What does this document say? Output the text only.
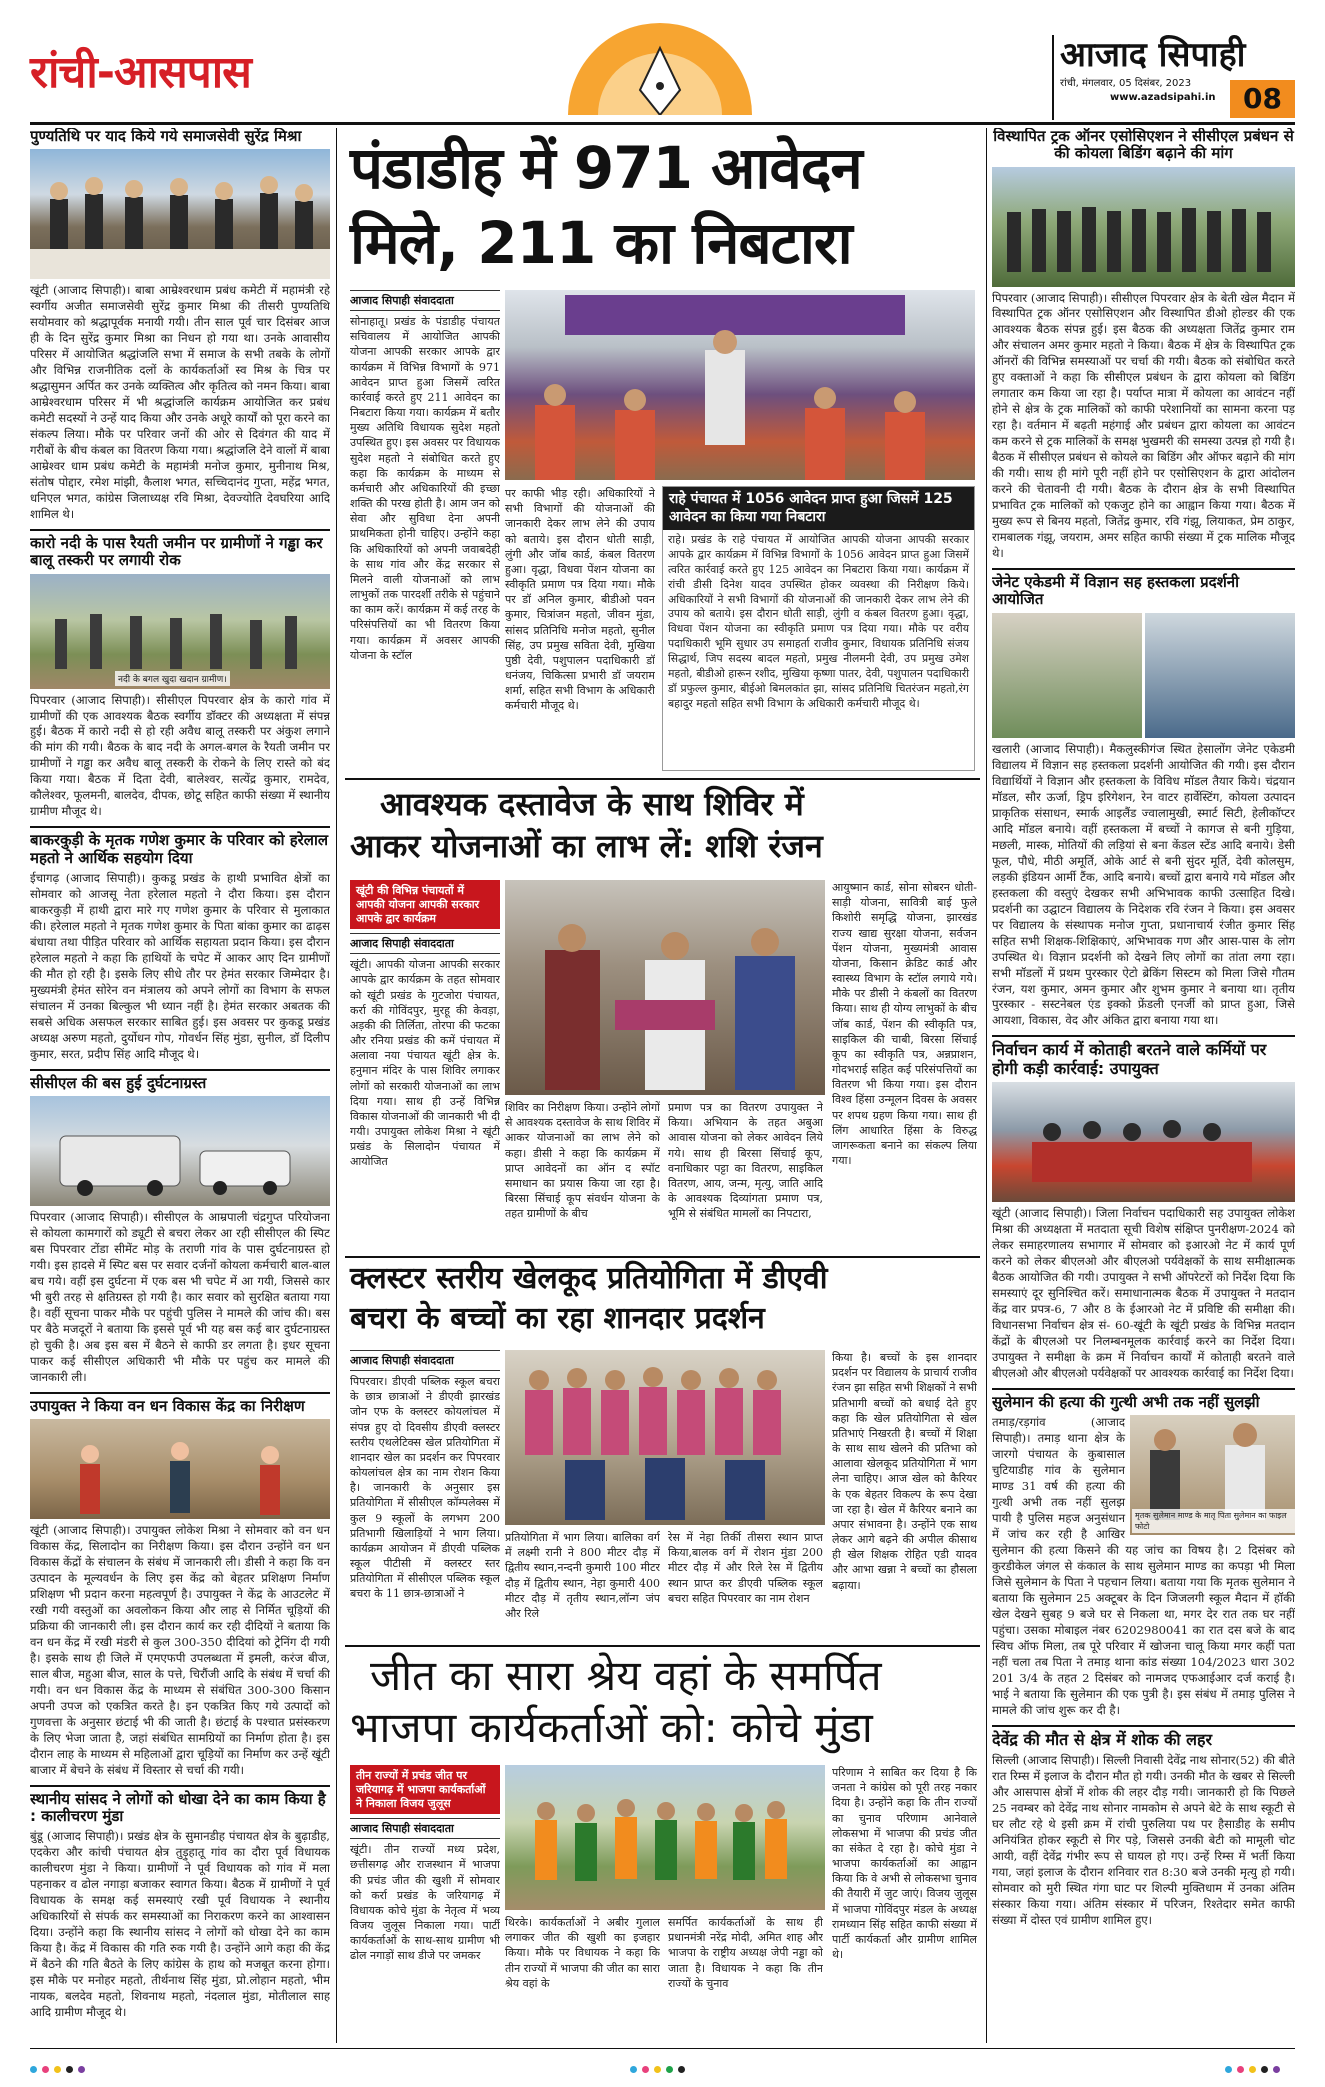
रांची-आसपास	आजाद सिपाही
रांची, मंगलवार, 05 दिसंबर, 2023
www.azadsipahi.in 08
पुण्यतिथि पर याद किये गये समाजसेवी सुरेंद्र मिश्रा
खूंटी (आजाद सिपाही)। बाबा आम्रेश्वरधाम प्रबंध कमेटी में महामंत्री रहे स्वर्गीय अजीत समाजसेवी सुरेंद्र कुमार मिश्रा की तीसरी पुण्यतिथि सयोमवार को श्रद्धापूर्वक मनायी गयी। तीन साल पूर्व चार दिसंबर आज ही के दिन सुरेंद्र कुमार मिश्रा का निधन हो गया था। उनके आवासीय परिसर में आयोजित श्रद्धांजलि सभा में समाज के सभी तबके के लोगों और विभिन्न राजनीतिक दलों के कार्यकर्ताओं स्व मिश्र के चित्र पर श्रद्धासुमन अर्पित कर उनके व्यक्तित्व और कृतित्व को नमन किया। बाबा आम्रेश्वरधाम परिसर में भी श्रद्धांजलि कार्यक्रम आयोजित कर प्रबंध कमेटी सदस्यों ने उन्हें याद किया और उनके अधूरे कार्यों को पूरा करने का संकल्प लिया। मौके पर परिवार जनों की ओर से दिवंगत की याद में गरीबों के बीच कंबल का वितरण किया गया। श्रद्धांजलि देने वालों में बाबा आम्रेश्वर धाम प्रबंध कमेटी के महामंत्री मनोज कुमार, मुनीनाथ मिश्र, संतोष पोद्दार, रमेश मांझी, कैलाश भगत, सच्चिदानंद गुप्ता, महेंद्र भगत, धनिएल भगत, कांग्रेस जिलाध्यक्ष रवि मिश्रा, देवज्योति देवघरिया आदि शामिल थे।
कारो नदी के पास रैयती जमीन पर ग्रामीणों ने गड्ढा कर बालू तस्करी पर लगायी रोक
नदी के बगल खुदा खदान ग्रामीण।
पिपरवार (आजाद सिपाही)। सीसीएल पिपरवार क्षेत्र के कारो गांव में ग्रामीणों की एक आवश्यक बैठक स्वर्गीय डॉक्टर की अध्यक्षता में संपन्न हुई। बैठक में कारो नदी से हो रही अवैध बालू तस्करी पर अंकुश लगाने की मांग की गयी। बैठक के बाद नदी के अगल-बगल के रैयती जमीन पर ग्रामीणों ने गड्ढा कर अवैध बालू तस्करी के रोकने के लिए रास्ते को बंद किया गया। बैठक में दिता देवी, बालेश्वर, सत्येंद्र कुमार, रामदेव, कौलेश्वर, फूलमनी, बालदेव, दीपक, छोटू सहित काफी संख्या में स्थानीय ग्रामीण मौजूद थे।
बाकरकुड़ी के मृतक गणेश कुमार के परिवार को हरेलाल महतो ने आर्थिक सहयोग दिया
ईचागढ़ (आजाद सिपाही)। कुकडू प्रखंड के हाथी प्रभावित क्षेत्रों का सोमवार को आजसू नेता हरेलाल महतो ने दौरा किया। इस दौरान बाकरकुड़ी में हाथी द्वारा मारे गए गणेश कुमार के परिवार से मुलाकात की। हरेलाल महतो ने मृतक गणेश कुमार के पिता बांका कुमार का ढाढ़स बंधाया तथा पीड़ित परिवार को आर्थिक सहायता प्रदान किया। इस दौरान हरेलाल महतो ने कहा कि हाथियों के चपेट में आकर आए दिन ग्रामीणों की मौत हो रही है। इसके लिए सीधे तौर पर हेमंत सरकार जिम्मेदार है। मुख्यमंत्री हेमंत सोरेन वन मंत्रालय को अपने लोगों का विभाग के सफल संचालन में उनका बिल्कुल भी ध्यान नहीं है। हेमंत सरकार अबतक की सबसे अधिक असफल सरकार साबित हुई। इस अवसर पर कुकडू प्रखंड अध्यक्ष अरुण महतो, दुर्योधन गोप, गोवर्धन सिंह मुंडा, सुनील, डॉ दिलीप कुमार, सरत, प्रदीप सिंह आदि मौजूद थे।
सीसीएल की बस हुई दुर्घटनाग्रस्त
पिपरवार (आजाद सिपाही)। सीसीएल के आम्रपाली चंद्रगुप्त परियोजना से कोयला कामगारों को ड्यूटी से बचरा लेकर आ रही सीसीएल की स्पिट बस पिपरवार टोंडा सीमेंट मोड़ के तराणी गांव के पास दुर्घटनाग्रस्त हो गयी। इस हादसे में स्पिट बस पर सवार दर्जनों कोयला कर्मचारी बाल-बाल बच गये। वहीं इस दुर्घटना में एक बस भी चपेट में आ गयी, जिससे कार भी बुरी तरह से क्षतिग्रस्त हो गयी है। कार सवार को सुरक्षित बताया गया है। वहीं सूचना पाकर मौके पर पहुंची पुलिस ने मामले की जांच की। बस पर बैठे मजदूरों ने बताया कि इससे पूर्व भी यह बस कई बार दुर्घटनाग्रस्त हो चुकी है। अब इस बस में बैठने से काफी डर लगता है। इधर सूचना पाकर कई सीसीएल अधिकारी भी मौके पर पहुंच कर मामले की जानकारी ली।
उपायुक्त ने किया वन धन विकास केंद्र का निरीक्षण
खूंटी (आजाद सिपाही)। उपायुक्त लोकेश मिश्रा ने सोमवार को वन धन विकास केंद्र, सिलादोन का निरीक्षण किया। इस दौरान उन्होंने वन धन विकास केंद्रों के संचालन के संबंध में जानकारी ली। डीसी ने कहा कि वन उत्पादन के मूल्यवर्धन के लिए इस केंद्र को बेहतर प्रशिक्षण निर्माण प्रशिक्षण भी प्रदान करना महत्वपूर्ण है। उपायुक्त ने केंद्र के आउटलेट में रखी गयी वस्तुओं का अवलोकन किया और लाह से निर्मित चूड़ियों की प्रक्रिया की जानकारी ली। इस दौरान कार्य कर रही दीदियों ने बताया कि वन धन केंद्र में रखी मंडरी से कुल 300-350 दीदियां को ट्रेनिंग दी गयी है। इसके साथ ही जिले में एमएफपी उपलब्धता में इमली, करंज बीज, साल बीज, महुआ बीज, साल के पत्ते, चिरौंजी आदि के संबंध में चर्चा की गयी। वन धन विकास केंद्र के माध्यम से संबंधित 300-300 किसान अपनी उपज को एकत्रित करते है। इन एकत्रित किए गये उत्पादों को गुणवत्ता के अनुसार छंटाई भी की जाती है। छंटाई के पश्चात प्रसंस्करण के लिए भेजा जाता है, जहां संबंधित सामग्रियों का निर्माण होता है। इस दौरान लाह के माध्यम से महिलाओं द्वारा चूड़ियों का निर्माण कर उन्हें खूंटी बाजार में बेचने के संबंध में विस्तार से चर्चा की गयी।
स्थानीय सांसद ने लोगों को धोखा देने का काम किया है : कालीचरण मुंडा
बुंडू (आजाद सिपाही)। प्रखंड क्षेत्र के सुमानडीह पंचायत क्षेत्र के बुढ़ाडीह, एदकेरा और कांची पंचायत क्षेत्र तुड़ुहातू गांव का दौरा पूर्व विधायक कालीचरण मुंडा ने किया। ग्रामीणों ने पूर्व विधायक को गांव में मला पहनाकर व ढोल नगाड़ा बजाकर स्वागत किया। बैठक में ग्रामीणों ने पूर्व विधायक के समक्ष कई समस्याएं रखी पूर्व विधायक ने स्थानीय अधिकारियों से संपर्क कर समस्याओं का निराकरण करने का आश्वासन दिया। उन्होंने कहा कि स्थानीय सांसद ने लोगों को धोखा देने का काम किया है। केंद्र में विकास की गति रुक गयी है। उन्होंने आगे कहा की केंद्र में बैठने की गति बैठते के लिए कांग्रेस के हाथ को मजबूत करना होगा। इस मौके पर मनोहर महतो, तीर्थनाथ सिंह मुंडा, प्रो.लोहान महतो, भीम नायक, बलदेव महतो, शिवनाथ महतो, नंदलाल मुंडा, मोतीलाल साह आदि ग्रामीण मौजूद थे।
पंडाडीह में 971 आवेदन
मिले, 211 का निबटारा
आजाद सिपाही संवाददाता
सोनाहातू। प्रखंड के पंडाडीह पंचायत सचिवालय में आयोजित आपकी योजना आपकी सरकार आपके द्वार कार्यक्रम में विभिन्न विभागों के 971 आवेदन प्राप्त हुआ जिसमें त्वरित कार्रवाई करते हुए 211 आवेदन का निबटारा किया गया। कार्यक्रम में बतौर मुख्य अतिथि विधायक सुदेश महतो उपस्थित हुए। इस अवसर पर विधायक सुदेश महतो ने संबोधित करते हुए कहा कि कार्यक्रम के माध्यम से कर्मचारी और अधिकारियों की इच्छा शक्ति की परख होती है। आम जन को सेवा और सुविधा देना अपनी प्राथमिकता होनी चाहिए। उन्होंने कहा कि अधिकारियों को अपनी जवाबदेही के साथ गांव और केंद्र सरकार से मिलने वाली योजनाओं को लाभ लाभुकों तक पारदर्शी तरीके से पहुंचाने का काम करें। कार्यक्रम में कई तरह के परिसंपत्तियों का भी वितरण किया गया। कार्यक्रम में अवसर आपकी योजना के स्टॉल
पर काफी भीड़ रही। अधिकारियों ने सभी विभागों की योजनाओं की जानकारी देकर लाभ लेने की उपाय को बताये। इस दौरान धोती साड़ी, लुंगी और जॉब कार्ड, कंबल वितरण हुआ। वृद्धा, विधवा पेंशन योजना का स्वीकृति प्रमाण पत्र दिया गया। मौके पर डॉ अनिल कुमार, बीडीओ पवन कुमार, चित्रांजन महतो, जीवन मुंडा, सांसद प्रतिनिधि मनोज महतो, सुनील सिंह, उप प्रमुख सविता देवी, मुखिया पुष्ठी देवी, पशुपालन पदाधिकारी डॉ धनंजय, चिकित्सा प्रभारी डॉ जयराम शर्मा, सहित सभी विभाग के अधिकारी कर्मचारी मौजूद थे।
राहे पंचायत में 1056 आवेदन प्राप्त हुआ जिसमें 125 आवेदन का किया गया निबटारा
राहे। प्रखंड के राहे पंचायत में आयोजित आपकी योजना आपकी सरकार आपके द्वार कार्यक्रम में विभिन्न विभागों के 1056 आवेदन प्राप्त हुआ जिसमें त्वरित कार्रवाई करते हुए 125 आवेदन का निबटारा किया गया। कार्यक्रम में रांची डीसी दिनेश यादव उपस्थित होकर व्यवस्था की निरीक्षण किये। अधिकारियों ने सभी विभागों की योजनाओं की जानकारी देकर लाभ लेने की उपाय को बताये। इस दौरान धोती साड़ी, लुंगी व कंबल वितरण हुआ। वृद्धा, विधवा पेंशन योजना का स्वीकृति प्रमाण पत्र दिया गया। मौके पर वरीय पदाधिकारी भूमि सुधार उप समाहर्ता राजीव कुमार, विधायक प्रतिनिधि संजय सिद्धार्थ, जिप सदस्य बादल महतो, प्रमुख नीलमनी देवी, उप प्रमुख उमेश महतो, बीडीओ हारून रशीद, मुखिया कृष्णा पातर, देवी, पशुपालन पदाधिकारी डॉ प्रफुल्ल कुमार, बीईओ बिमलकांत झा, सांसद प्रतिनिधि चितरंजन महतो,रंग बहादुर महतो सहित सभी विभाग के अधिकारी कर्मचारी मौजूद थे।
आवश्यक दस्तावेज के साथ शिविर में
आकर योजनाओं का लाभ लें: शशि रंजन
खूंटी की विभिन्न पंचायतों में आपकी योजना आपकी सरकार आपके द्वार कार्यक्रम
आजाद सिपाही संवाददाता
खूंटी। आपकी योजना आपकी सरकार आपके द्वार कार्यक्रम के तहत सोमवार को खूंटी प्रखंड के गुटजोरा पंचायत, कर्रा की गोविंदपुर, मुरहू की केवड़ा, अड़की की तिर्लिता, तोरपा की फटका और रनिया प्रखंड की कमें पंचायत में अलावा नया पंचायत खूंटी क्षेत्र के. हनुमान मंदिर के पास शिविर लगाकर लोगों को सरकारी योजनाओं का लाभ दिया गया। साथ ही उन्हें विभिन्न विकास योजनाओं की जानकारी भी दी गयी। उपायुक्त लोकेश मिश्रा ने खूंटी प्रखंड के सिलादोन पंचायत में आयोजित
शिविर का निरीक्षण किया। उन्होंने लोगों से आवश्यक दस्तावेज के साथ शिविर में आकर योजनाओं का लाभ लेने को कहा। डीसी ने कहा कि कार्यक्रम में प्राप्त आवेदनों का ऑन द स्पॉट समाधान का प्रयास किया जा रहा है। बिरसा सिंचाई कूप संवर्धन योजना के तहत ग्रामीणों के बीच
प्रमाण पत्र का वितरण उपायुक्त ने किया। अभियान के तहत अबुआ आवास योजना को लेकर आवेदन लिये गये। साथ ही बिरसा सिंचाई कूप, वनाधिकार पट्टा का वितरण, साइकिल वितरण, आय, जन्म, मृत्यु, जाति आदि के आवश्यक दिव्यांगता प्रमाण पत्र, भूमि से संबंधित मामलों का निपटारा,
आयुष्मान कार्ड, सोना सोबरन धोती-साड़ी योजना, सावित्री बाई फुले किशोरी समृद्धि योजना, झारखंड राज्य खाद्य सुरक्षा योजना, सर्वजन पेंशन योजना, मुख्यमंत्री आवास योजना, किसान क्रेडिट कार्ड और स्वास्थ्य विभाग के स्टॉल लगाये गये। मौके पर डीसी ने कंबलों का वितरण किया। साथ ही योग्य लाभुकों के बीच जॉब कार्ड, पेंशन की स्वीकृति पत्र, साइकिल की चाबी, बिरसा सिंचाई कूप का स्वीकृति पत्र, अन्नप्राशन, गोदभराई सहित कई परिसंपत्तियों का वितरण भी किया गया। इस दौरान विश्व हिंसा उन्मूलन दिवस के अवसर पर शपथ ग्रहण किया गया। साथ ही लिंग आधारित हिंसा के विरुद्ध जागरूकता बनाने का संकल्प लिया गया।
क्लस्टर स्तरीय खेलकूद प्रतियोगिता में डीएवी
बचरा के बच्चों का रहा शानदार प्रदर्शन
आजाद सिपाही संवाददाता
पिपरवार। डीएवी पब्लिक स्कूल बचरा के छात्र छात्राओं ने डीएवी झारखंड जोन एफ के क्लस्टर कोयलांचल में संपन्न हुए दो दिवसीय डीएवी क्लस्टर स्तरीय एथलेटिक्स खेल प्रतियोगिता में शानदार खेल का प्रदर्शन कर पिपरवार कोयलांचल क्षेत्र का नाम रोशन किया है। जानकारी के अनुसार इस प्रतियोगिता में सीसीएल कॉम्पलेक्स में कुल 9 स्कूलों के लगभग 200 प्रतिभागी खिलाड़ियों ने भाग लिया। कार्यक्रम आयोजन में डीएवी पब्लिक स्कूल पीटीसी में क्लस्टर स्तर प्रतियोगिता में सीसीएल पब्लिक स्कूल बचरा के 11 छात्र-छात्राओं ने
प्रतियोगिता में भाग लिया। बालिका वर्ग में लक्ष्मी रानी ने 800 मीटर दौड़ में द्वितीय स्थान,नन्दनी कुमारी 100 मीटर दौड़ में द्वितीय स्थान, नेहा कुमारी 400 मीटर दौड़ में तृतीय स्थान,लॉन्ग जंप और रिले
रेस में नेहा तिर्की तीसरा स्थान प्राप्त किया,बालक वर्ग में रोशन मुंडा 200 मीटर दौड़ में और रिले रेस में द्वितीय स्थान प्राप्त कर डीएवी पब्लिक स्कूल बचरा सहित पिपरवार का नाम रोशन
किया है। बच्चों के इस शानदार प्रदर्शन पर विद्यालय के प्राचार्य राजीव रंजन झा सहित सभी शिक्षकों ने सभी प्रतिभागी बच्चों को बधाई देते हुए कहा कि खेल प्रतियोगिता से खेल प्रतिभाएं निखरती है। बच्चों में शिक्षा के साथ साथ खेलने की प्रतिभा को आलावा खेलकूद प्रतियोगिता में भाग लेना चाहिए। आज खेल को कैरियर के एक बेहतर विकल्प के रूप देखा जा रहा है। खेल में कैरियर बनाने का अपार संभावना है। उन्होंने एक साथ लेकर आगे बढ़ने की अपील कीसाथ ही खेल शिक्षक रोहित एडी यादव और आभा खन्ना ने बच्चों का हौसला बढ़ाया।
जीत का सारा श्रेय वहां के समर्पित
भाजपा कार्यकर्ताओं को: कोचे मुंडा
तीन राज्यों में प्रचंड जीत पर जरियागढ़ में भाजपा कार्यकर्ताओं ने निकाला विजय जुलूस
आजाद सिपाही संवाददाता
खूंटी। तीन राज्यों मध्य प्रदेश, छत्तीसगढ़ और राजस्थान में भाजपा की प्रचंड जीत की खुशी में सोमवार को कर्रा प्रखंड के जरियागढ़ में विधायक कोचे मुंडा के नेतृत्व में भव्य विजय जुलूस निकाला गया। पार्टी कार्यकर्ताओं के साथ-साथ ग्रामीण भी ढोल नगाड़ों साथ डीजे पर जमकर
थिरके। कार्यकर्ताओं ने अबीर गुलाल लगाकर जीत की खुशी का इजहार किया। मौके पर विधायक ने कहा कि तीन राज्यों में भाजपा की जीत का सारा श्रेय वहां के
समर्पित कार्यकर्ताओं के साथ ही प्रधानमंत्री नरेंद्र मोदी, अमित शाह और भाजपा के राष्ट्रीय अध्यक्ष जेपी नड्डा को जाता है। विधायक ने कहा कि तीन राज्यों के चुनाव
परिणाम ने साबित कर दिया है कि जनता ने कांग्रेस को पूरी तरह नकार दिया है। उन्होंने कहा कि तीन राज्यों का चुनाव परिणाम आनेवाले लोकसभा में भाजपा की प्रचंड जीत का संकेत दे रहा है। कोचे मुंडा ने भाजपा कार्यकर्ताओं का आह्वान किया कि वे अभी से लोकसभा चुनाव की तैयारी में जुट जाएं। विजय जुलूस में भाजपा गोविंदपुर मंडल के अध्यक्ष रामध्यान सिंह सहित काफी संख्या में पार्टी कार्यकर्ता और ग्रामीण शामिल थे।
विस्थापित ट्रक ऑनर एसोसिएशन ने सीसीएल प्रबंधन से की कोयला बिडिंग बढ़ाने की मांग
पिपरवार (आजाद सिपाही)। सीसीएल पिपरवार क्षेत्र के बेती खेल मैदान में विस्थापित ट्रक ऑनर एसोसिएशन और विस्थापित डीओ होल्डर की एक आवश्यक बैठक संपन्न हुई। इस बैठक की अध्यक्षता जितेंद्र कुमार राम और संचालन अमर कुमार महतो ने किया। बैठक में क्षेत्र के विस्थापित ट्रक ऑनरों की विभिन्न समस्याओं पर चर्चा की गयी। बैठक को संबोधित करते हुए वक्ताओं ने कहा कि सीसीएल प्रबंधन के द्वारा कोयला को बिडिंग लगातार कम किया जा रहा है। पर्याप्त मात्रा में कोयला का आवंटन नहीं होने से क्षेत्र के ट्रक मालिकों को काफी परेशानियों का सामना करना पड़ रहा है। वर्तमान में बढ़ती महंगाई और प्रबंधन द्वारा कोयला का आवंटन कम करने से ट्रक मालिकों के समक्ष भुखमरी की समस्या उत्पन्न हो गयी है। बैठक में सीसीएल प्रबंधन से कोयले का बिडिंग और ऑफर बढ़ाने की मांग की गयी। साथ ही मांगे पूरी नहीं होने पर एसोसिएशन के द्वारा आंदोलन करने की चेतावनी दी गयी। बैठक के दौरान क्षेत्र के सभी विस्थापित प्रभावित ट्रक मालिकों को एकजुट होने का आह्वान किया गया। बैठक में मुख्य रूप से बिनय महतो, जितेंद्र कुमार, रवि गंझू, लियाकत, प्रेम ठाकुर, रामबालक गंझू, जयराम, अमर सहित काफी संख्या में ट्रक मालिक मौजूद थे।
जेनेट एकेडमी में विज्ञान सह हस्तकला प्रदर्शनी आयोजित
खलारी (आजाद सिपाही)। मैकलुस्कीगंज स्थित हेसालोंग जेनेट एकेडमी विद्यालय में विज्ञान सह हस्तकला प्रदर्शनी आयोजित की गयी। इस दौरान विद्यार्थियों ने विज्ञान और हस्तकला के विविध मॉडल तैयार किये। चंद्रयान मॉडल, सौर ऊर्जा, ड्रिप इरिगेशन, रेन वाटर हार्वेस्टिंग, कोयला उत्पादन प्राकृतिक संसाधन, स्मार्क आइलैंड ज्वालामुखी, स्मार्ट सिटी, हेलीकॉप्टर आदि मॉडल बनाये। वहीं हस्तकला में बच्चों ने कागज से बनी गुड़िया, मछली, मास्क, मोतियों की लड़ियां से बना केंडल स्टेंड आदि बनाये। डेसी फूल, पौधे, मीठी अमूर्ति, ओके आर्ट से बनी सुंदर मूर्ति, देवी कोलसुम, लड़की इंडियन आर्मी टैंक, आदि बनाये। बच्चों द्वारा बनाये गये मॉडल और हस्तकला की वस्तुएं देखकर सभी अभिभावक काफी उत्साहित दिखे। प्रदर्शनी का उद्घाटन विद्यालय के निदेशक रवि रंजन ने किया। इस अवसर पर विद्यालय के संस्थापक मनोज गुप्ता, प्रधानाचार्य रंजीत कुमार सिंह सहित सभी शिक्षक-शिक्षिकाएं, अभिभावक गण और आस-पास के लोग उपस्थित थे। विज्ञान प्रदर्शनी को देखने लिए लोगों का तांता लगा रहा। सभी मॉडलों में प्रथम पुरस्कार ऐटो ब्रेकिंग सिस्टम को मिला जिसे गौतम रंजन, यश कुमार, अमन कुमार और शुभम कुमार ने बनाया था। तृतीय पुरस्कार - सस्टनेबल एंड इक्को फ्रेंडली एनर्जी को प्राप्त हुआ, जिसे आयशा, विकास, वेद और अंकित द्वारा बनाया गया था।
निर्वाचन कार्य में कोताही बरतने वाले कर्मियों पर होगी कड़ी कार्रवाई: उपायुक्त
खूंटी (आजाद सिपाही)। जिला निर्वाचन पदाधिकारी सह उपायुक्त लोकेश मिश्रा की अध्यक्षता में मतदाता सूची विशेष संक्षिप्त पुनरीक्षण-2024 को लेकर समाहरणालय सभागार में सोमवार को इआरओ नेट में कार्य पूर्ण करने को लेकर बीएलओ और बीएलओ पर्यवेक्षकों के साथ समीक्षात्मक बैठक आयोजित की गयी। उपायुक्त ने सभी ऑपरेटरों को निर्देश दिया कि समस्याएं दूर सुनिश्चित करें। समाधानात्मक बैठक में उपायुक्त ने मतदान केंद्र वार प्रपत्र-6, 7 और 8 के ईआरओ नेट में प्रविष्टि की समीक्षा की। विधानसभा निर्वाचन क्षेत्र सं- 60-खूंटी के खूंटी प्रखंड के विभिन्न मतदान केंद्रों के बीएलओ पर निलम्बनमूलक कार्रवाई करने का निर्देश दिया। उपायुक्त ने समीक्षा के क्रम में निर्वाचन कार्यों में कोताही बरतने वाले बीएलओ और बीएलओ पर्यवेक्षकों पर आवश्यक कार्रवाई का निर्देश दिया।
सुलेमान की हत्या की गुत्थी अभी तक नहीं सुलझी
मृतक सुलेमान माण्ड के मातृ पिता सुलेमान का फाइल फोटो
तमाड़/रड़गांव (आजाद सिपाही)। तमाड़ थाना क्षेत्र के जारगो पंचायत के कुबासाल चुटियाडीह गांव के सुलेमान माण्ड 31 वर्ष की हत्या की गुत्थी अभी तक नहीं सुलझ पायी है पुलिस महज अनुसंधान में जांच कर रही है आखिर सुलेमान की हत्या किसने की यह जांच का विषय है। 2 दिसंबर को कुरडीकेल जंगल से कंकाल के साथ सुलेमान माण्ड का कपड़ा भी मिला जिसे सुलेमान के पिता ने पहचान लिया। बताया गया कि मृतक सुलेमान ने बताया कि सुलेमान 25 अक्टूबर के दिन जिजलगी स्कूल मैदान में हॉकी खेल देखने सुबह 9 बजे घर से निकला था, मगर देर रात तक घर नहीं पहुंचा। उसका मोबाइल नंबर 6202980041 का रात दस बजे के बाद स्विच ऑफ मिला, तब पूरे परिवार में खोजना चालू किया मगर कहीं पता नहीं चला तब पिता ने तमाड़ थाना कांड संख्या 104/2023 धारा 302 201 3/4 के तहत 2 दिसंबर को नामजद एफआईआर दर्ज कराई है। भाई ने बताया कि सुलेमान की एक पुत्री है। इस संबंध में तमाड़ पुलिस ने मामले की जांच शुरू कर दी है।
देवेंद्र की मौत से क्षेत्र में शोक की लहर
सिल्ली (आजाद सिपाही)। सिल्ली निवासी देवेंद्र नाथ सोनार(52) की बीते रात रिम्स में इलाज के दौरान मौत हो गयी। उनकी मौत के खबर से सिल्ली और आसपास क्षेत्रों में शोक की लहर दौड़ गयी। जानकारी हो कि पिछले 25 नवम्बर को देवेंद्र नाथ सोनार नामकोम से अपने बेटे के साथ स्कूटी से घर लौट रहे थे इसी क्रम में रांची पुरुलिया पथ पर हैसाडीह के समीप अनियंत्रित होकर स्कूटी से गिर पड़े, जिससे उनकी बेटी को मामूली चोट आयी, वहीं देवेंद्र गंभीर रूप से घायल हो गए। उन्हें रिम्स में भर्ती किया गया, जहां इलाज के दौरान शनिवार रात 8:30 बजे उनकी मृत्यु हो गयी। सोमवार को मुरी स्थित गंगा घाट पर शिल्पी मुक्तिधाम में उनका अंतिम संस्कार किया गया। अंतिम संस्कार में परिजन, रिश्तेदार समेत काफी संख्या में दोस्त एवं ग्रामीण शामिल हुए।
